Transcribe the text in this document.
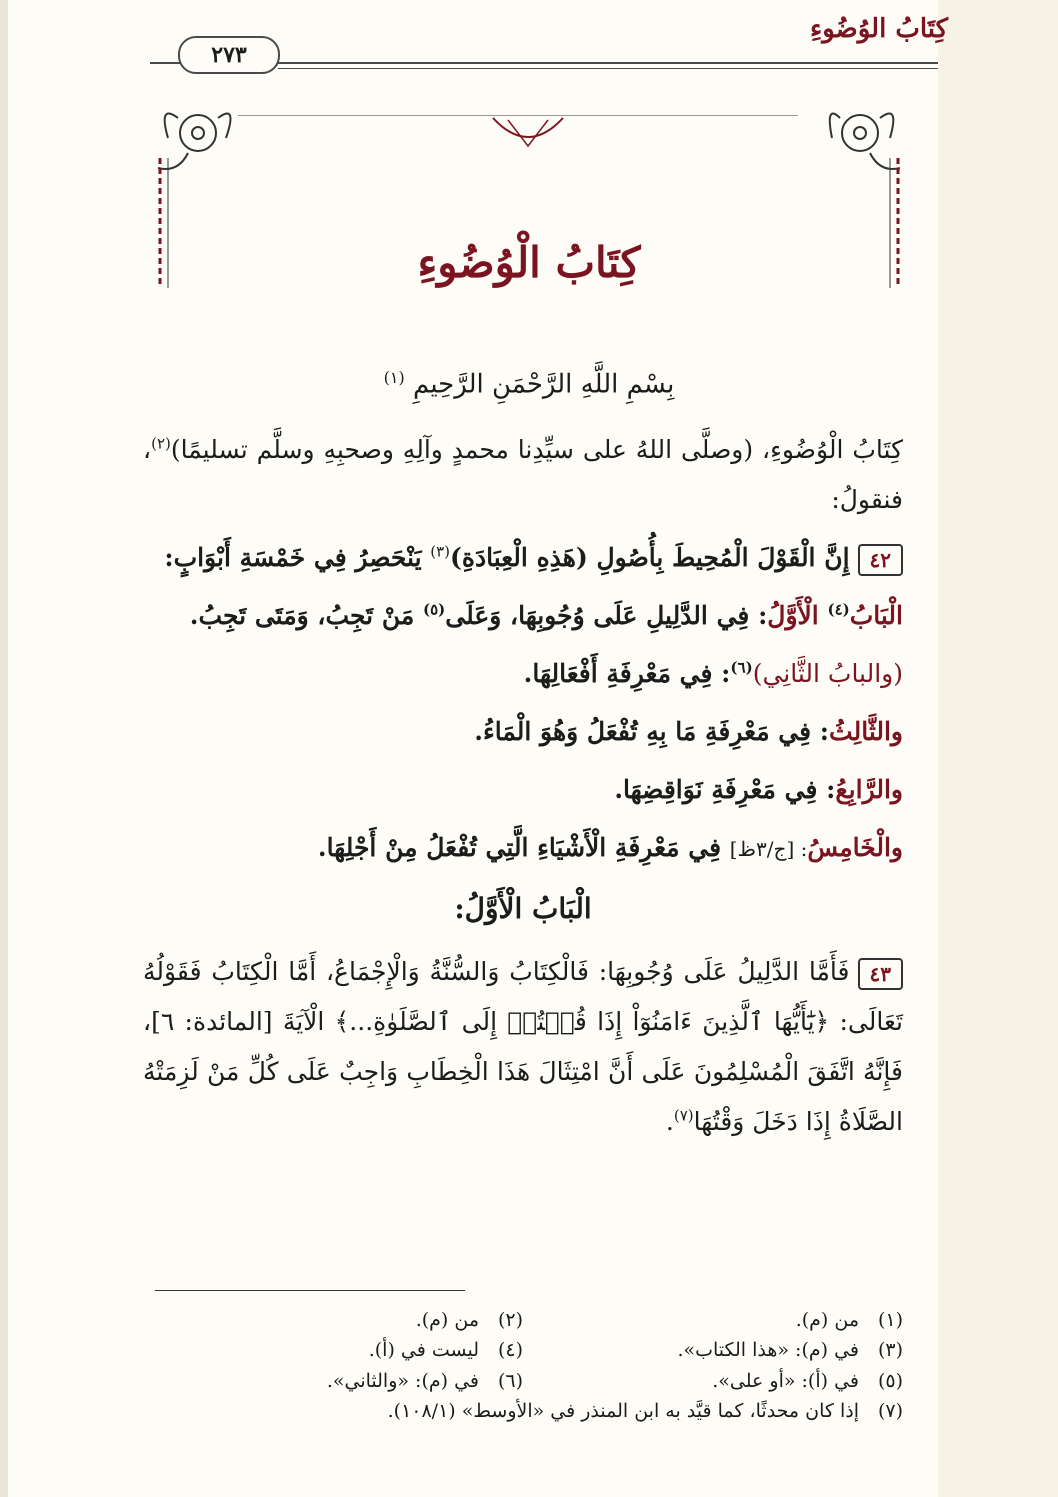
كِتَابُ الوُضُوءِ
٢٧٣
كِتَابُ الْوُضُوءِ
بِسْمِ اللَّهِ الرَّحْمَنِ الرَّحِيمِ $^{(١)}$

كِتَابُ الْوُضُوءِ، (وصلَّى اللهُ على سيِّدِنا محمدٍ وآلِهِ وصحبِهِ وسلَّم تسليمًا)$^{(٢)}$، فنقولُ:

٤٢إِنَّ الْقَوْلَ الْمُحِيطَ بِأُصُولِ (هَذِهِ الْعِبَادَةِ)$^{(٣)}$ يَنْحَصِرُ فِي خَمْسَةِ أَبْوَابٍ:

الْبَابُ$^{(٤)}$ الْأَوَّلُ: فِي الدَّلِيلِ عَلَى وُجُوبِهَا، وَعَلَى$^{(٥)}$ مَنْ تَجِبُ، وَمَتَى تَجِبُ.

(والبابُ الثَّانِي)$^{(٦)}$: فِي مَعْرِفَةِ أَفْعَالِهَا.

والثَّالِثُ: فِي مَعْرِفَةِ مَا بِهِ تُفْعَلُ وَهُوَ الْمَاءُ.

والرَّابِعُ: فِي مَعْرِفَةِ نَوَاقِضِهَا.

والْخَامِسُ: [ج/٣ظ] فِي مَعْرِفَةِ الْأَشْيَاءِ الَّتِي تُفْعَلُ مِنْ أَجْلِهَا.

الْبَابُ الْأَوَّلُ:

٤٣فَأَمَّا الدَّلِيلُ عَلَى وُجُوبِهَا: فَالْكِتَابُ وَالسُّنَّةُ وَالْإِجْمَاعُ، أَمَّا الْكِتَابُ فَقَوْلُهُ تَعَالَى: ﴿يَٰٓأَيُّهَا ٱلَّذِينَ ءَامَنُوٓاْ إِذَا قُمۡتُمۡ إِلَى ٱلصَّلَوٰةِ...﴾ الْآيَةَ [المائدة: ٦]، فَإِنَّهُ اتَّفَقَ الْمُسْلِمُونَ عَلَى أَنَّ امْتِثَالَ هَذَا الْخِطَابِ وَاجِبٌ عَلَى كُلِّ مَنْ لَزِمَتْهُ الصَّلَاةُ إِذَا دَخَلَ وَقْتُهَا$^{(٧)}$.

(١)من (م).
(٢)من (م).
(٣)في (م): «هذا الكتاب».
(٤)ليست في (أ).
(٥)في (أ): «أو على».
(٦)في (م): «والثاني».
(٧)إذا كان محدثًا، كما قيَّد به ابن المنذر في «الأوسط» (١٠٨/١).
